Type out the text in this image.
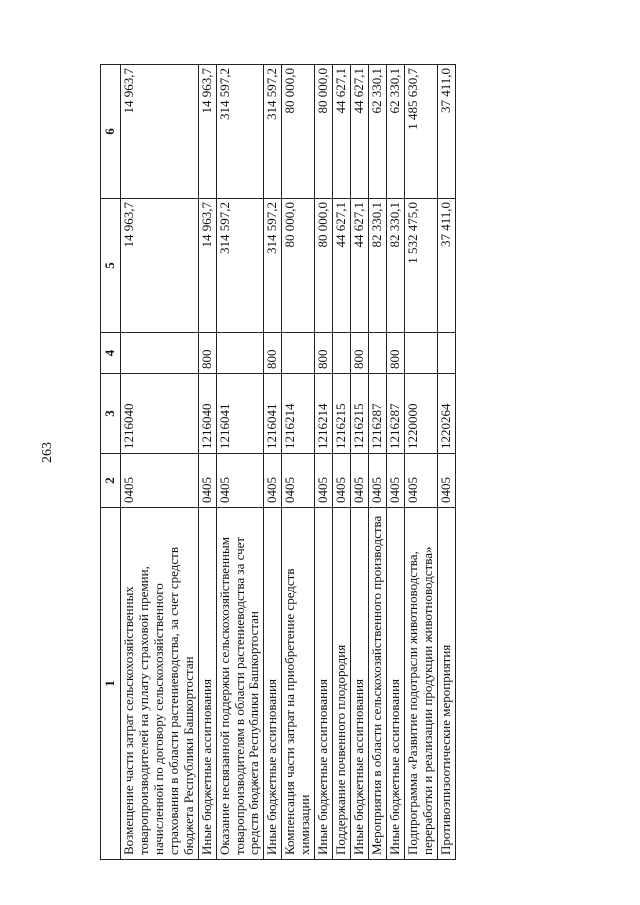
263
1	2	3	4	5	6
Возмещение части затрат сельскохозяйственных товаропроизводителей на уплату страховой премии, начисленной по договору сельскохозяйственного страхования в области растениеводства, за счет средств бюджета Республики Башкортостан	0405	1216040		14 963,7	14 963,7
Иные бюджетные ассигнования	0405	1216040	800	14 963,7	14 963,7
Оказание несвязанной поддержки сельскохозяйственным товаропроизводителям в области растениеводства за счет средств бюджета Республики Башкортостан	0405	1216041		314 597,2	314 597,2
Иные бюджетные ассигнования	0405	1216041	800	314 597,2	314 597,2
Компенсация части затрат на приобретение средств химизации	0405	1216214		80 000,0	80 000,0
Иные бюджетные ассигнования	0405	1216214	800	80 000,0	80 000,0
Поддержание почвенного плодородия	0405	1216215		44 627,1	44 627,1
Иные бюджетные ассигнования	0405	1216215	800	44 627,1	44 627,1
Мероприятия в области сельскохозяйственного производства	0405	1216287		82 330,1	62 330,1
Иные бюджетные ассигнования	0405	1216287	800	82 330,1	62 330,1
Подпрограмма «Развитие подотрасли животноводства, переработки и реализации продукции животноводства»	0405	1220000		1 532 475,0	1 485 630,7
Противоэпизоотические мероприятия	0405	1220264		37 411,0	37 411,0
